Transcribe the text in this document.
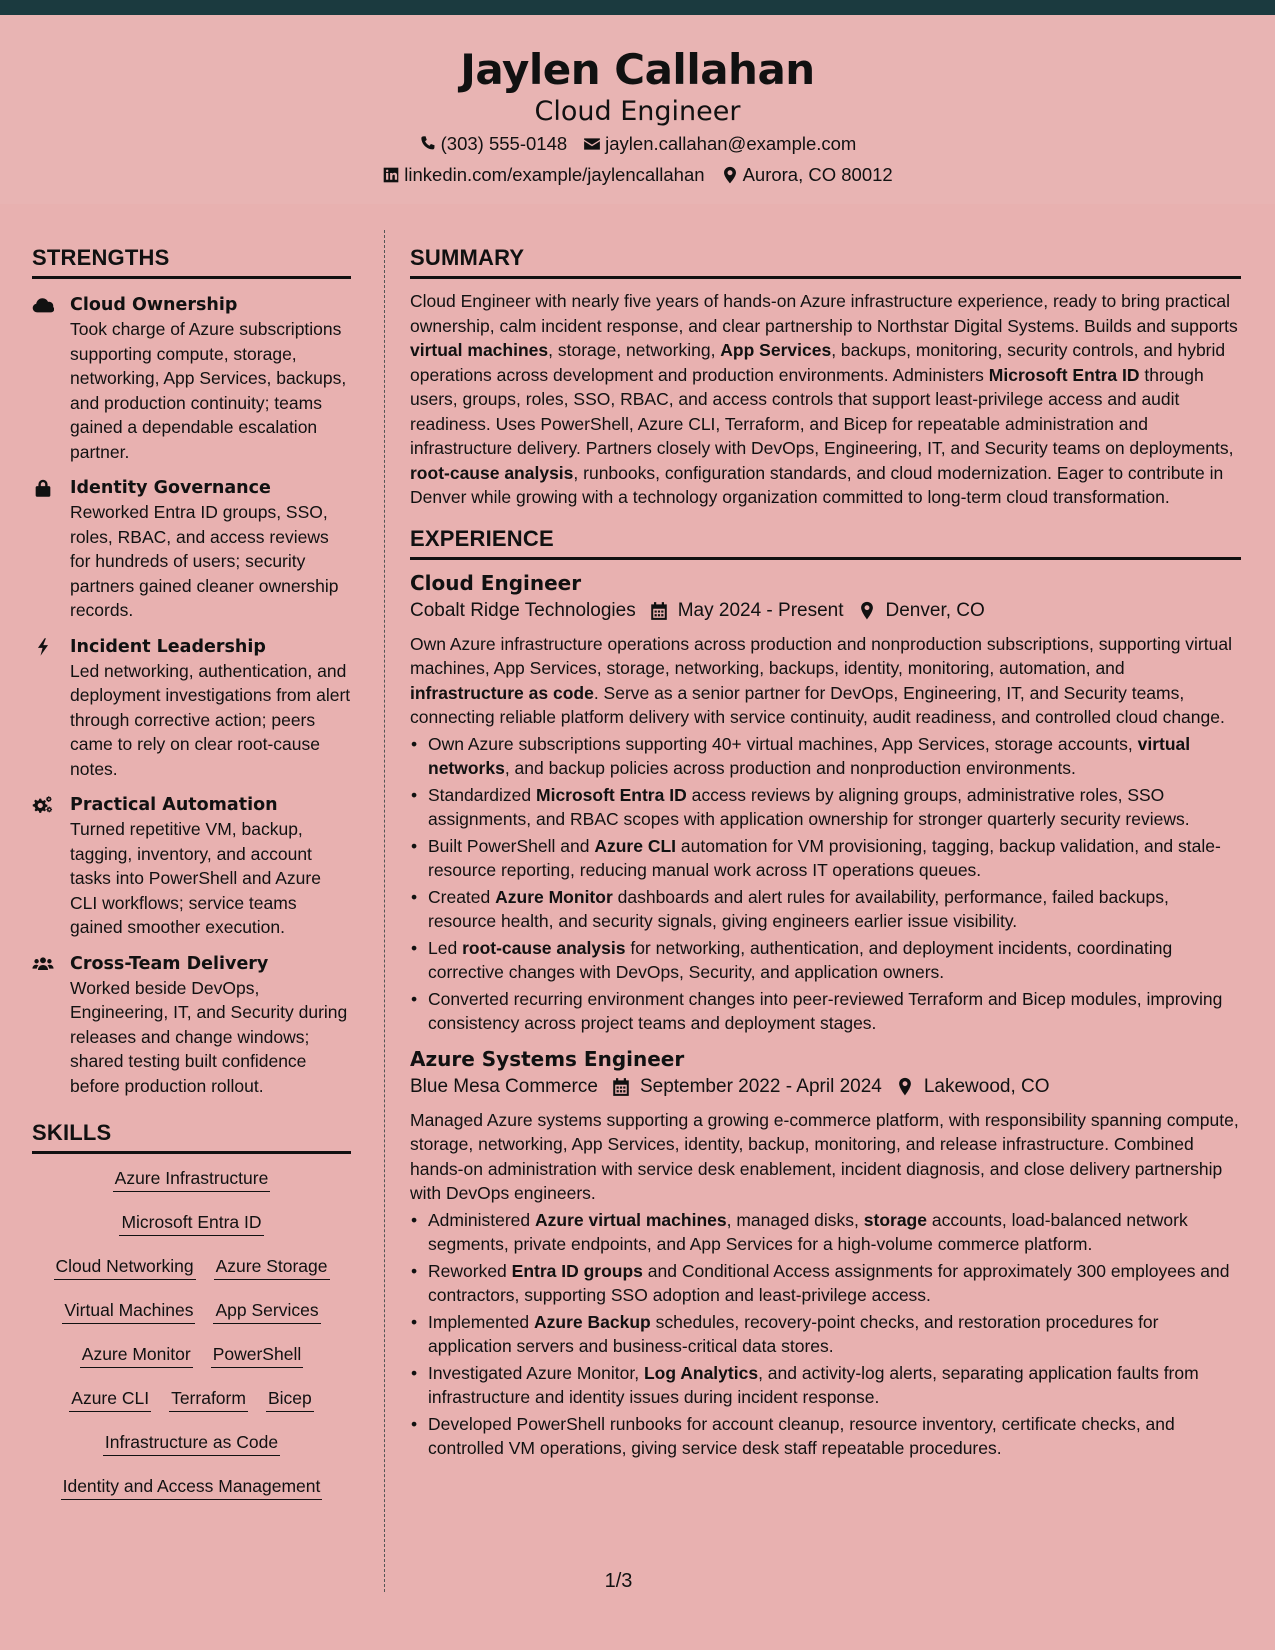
Jaylen Callahan
Cloud Engineer
(303) 555-0148 jaylen.callahan@example.com
linkedin.com/example/jaylencallahan Aurora, CO 80012
STRENGTHS
Cloud Ownership
Took charge of Azure subscriptions supporting compute, storage, networking, App Services, backups, and production continuity; teams gained a dependable escalation partner.
Identity Governance
Reworked Entra ID groups, SSO, roles, RBAC, and access reviews for hundreds of users; security partners gained cleaner ownership records.
Incident Leadership
Led networking, authentication, and deployment investigations from alert through corrective action; peers came to rely on clear root-cause notes.
Practical Automation
Turned repetitive VM, backup, tagging, inventory, and account tasks into PowerShell and Azure CLI workflows; service teams gained smoother execution.
Cross-Team Delivery
Worked beside DevOps, Engineering, IT, and Security during releases and change windows; shared testing built confidence before production rollout.
SKILLS
Azure Infrastructure
Microsoft Entra ID
Cloud Networking Azure Storage
Virtual Machines App Services
Azure Monitor PowerShell
Azure CLI Terraform Bicep
Infrastructure as Code
Identity and Access Management
SUMMARY

Cloud Engineer with nearly five years of hands-on Azure infrastructure experience, ready to bring practical ownership, calm incident response, and clear partnership to Northstar Digital Systems. Builds and supports virtual machines, storage, networking, App Services, backups, monitoring, security controls, and hybrid operations across development and production environments. Administers Microsoft Entra ID through users, groups, roles, SSO, RBAC, and access controls that support least-privilege access and audit readiness. Uses PowerShell, Azure CLI, Terraform, and Bicep for repeatable administration and infrastructure delivery. Partners closely with DevOps, Engineering, IT, and Security teams on deployments, root-cause analysis, runbooks, configuration standards, and cloud modernization. Eager to contribute in Denver while growing with a technology organization committed to long-term cloud transformation.

EXPERIENCE
Cloud Engineer
Cobalt Ridge Technologies May 2024 - Present Denver, CO

Own Azure infrastructure operations across production and nonproduction subscriptions, supporting virtual machines, App Services, storage, networking, backups, identity, monitoring, automation, and infrastructure as code. Serve as a senior partner for DevOps, Engineering, IT, and Security teams, connecting reliable platform delivery with service continuity, audit readiness, and controlled cloud change.

• Own Azure subscriptions supporting 40+ virtual machines, App Services, storage accounts, virtual networks, and backup policies across production and nonproduction environments.
• Standardized Microsoft Entra ID access reviews by aligning groups, administrative roles, SSO assignments, and RBAC scopes with application ownership for stronger quarterly security reviews.
• Built PowerShell and Azure CLI automation for VM provisioning, tagging, backup validation, and stale-resource reporting, reducing manual work across IT operations queues.
• Created Azure Monitor dashboards and alert rules for availability, performance, failed backups, resource health, and security signals, giving engineers earlier issue visibility.
• Led root-cause analysis for networking, authentication, and deployment incidents, coordinating corrective changes with DevOps, Security, and application owners.
• Converted recurring environment changes into peer-reviewed Terraform and Bicep modules, improving consistency across project teams and deployment stages.
Azure Systems Engineer
Blue Mesa Commerce September 2022 - April 2024 Lakewood, CO

Managed Azure systems supporting a growing e-commerce platform, with responsibility spanning compute, storage, networking, App Services, identity, backup, monitoring, and release infrastructure. Combined hands-on administration with service desk enablement, incident diagnosis, and close delivery partnership with DevOps engineers.

• Administered Azure virtual machines, managed disks, storage accounts, load-balanced network segments, private endpoints, and App Services for a high-volume commerce platform.
• Reworked Entra ID groups and Conditional Access assignments for approximately 300 employees and contractors, supporting SSO adoption and least-privilege access.
• Implemented Azure Backup schedules, recovery-point checks, and restoration procedures for application servers and business-critical data stores.
• Investigated Azure Monitor, Log Analytics, and activity-log alerts, separating application faults from infrastructure and identity issues during incident response.
• Developed PowerShell runbooks for account cleanup, resource inventory, certificate checks, and controlled VM operations, giving service desk staff repeatable procedures.
1/3
